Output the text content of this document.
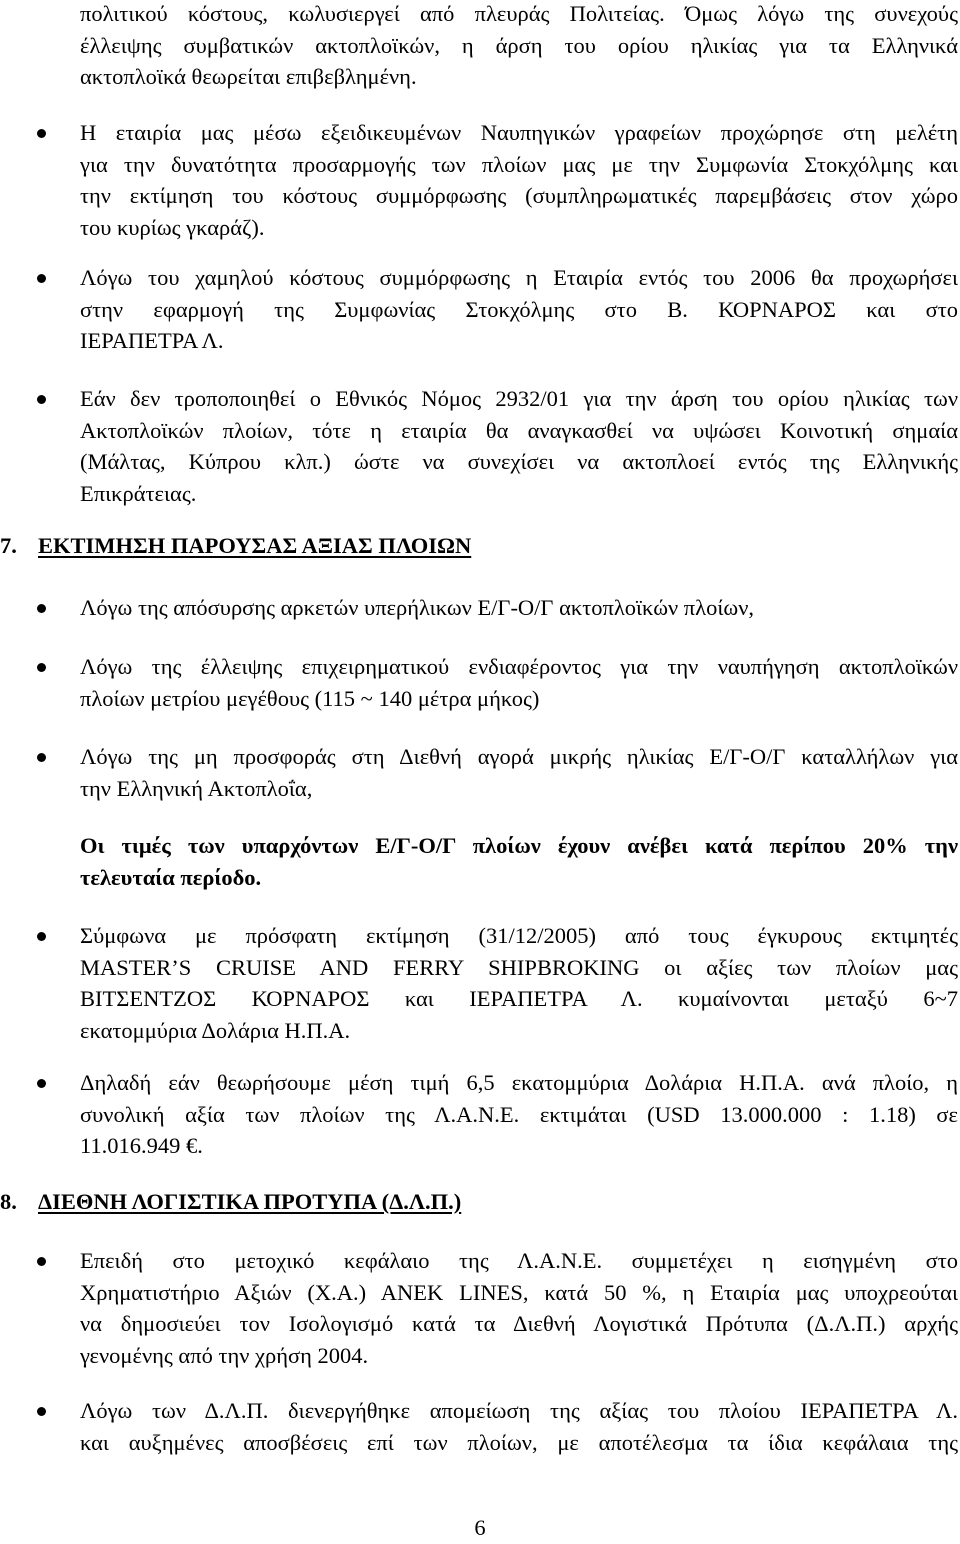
πολιτικού κόστους, κωλυσιεργεί από πλευράς Πολιτείας. Όμως λόγω της συνεχούς
έλλειψης συμβατικών ακτοπλοϊκών, η άρση του ορίου ηλικίας για τα Ελληνικά
ακτοπλοϊκά θεωρείται επιβεβλημένη.
Η εταιρία μας μέσω εξειδικευμένων Ναυπηγικών γραφείων προχώρησε στη μελέτη
για την δυνατότητα προσαρμογής των πλοίων μας με την Συμφωνία Στοκχόλμης και
την εκτίμηση του κόστους συμμόρφωσης (συμπληρωματικές παρεμβάσεις στον χώρο
του κυρίως γκαράζ).
Λόγω του χαμηλού κόστους συμμόρφωσης η Εταιρία εντός του 2006 θα προχωρήσει
στην εφαρμογή της Συμφωνίας Στοκχόλμης στο Β. ΚΟΡΝΑΡΟΣ και στο
ΙΕΡΑΠΕΤΡΑ Λ.
Εάν δεν τροποποιηθεί ο Εθνικός Νόμος 2932/01 για την άρση του ορίου ηλικίας των
Ακτοπλοϊκών πλοίων, τότε η εταιρία θα αναγκασθεί να υψώσει Κοινοτική σημαία
(Μάλτας, Κύπρου κλπ.) ώστε να συνεχίσει να ακτοπλοεί εντός της Ελληνικής
Επικράτειας.
7. ΕΚΤΙΜΗΣΗ ΠΑΡΟΥΣΑΣ ΑΞΙΑΣ ΠΛΟΙΩΝ
Λόγω της απόσυρσης αρκετών υπερήλικων Ε/Γ-Ο/Γ ακτοπλοϊκών πλοίων,
Λόγω της έλλειψης επιχειρηματικού ενδιαφέροντος για την ναυπήγηση ακτοπλοϊκών
πλοίων μετρίου μεγέθους (115 ~ 140 μέτρα μήκος)
Λόγω της μη προσφοράς στη Διεθνή αγορά μικρής ηλικίας Ε/Γ-Ο/Γ καταλλήλων για
την Ελληνική Ακτοπλοΐα,
Οι τιμές των υπαρχόντων Ε/Γ-Ο/Γ πλοίων έχουν ανέβει κατά περίπου 20% την
τελευταία περίοδο.
Σύμφωνα με πρόσφατη εκτίμηση (31/12/2005) από τους έγκυρους εκτιμητές
MASTER’S CRUISE AND FERRY SHIPBROKING οι αξίες των πλοίων μας
ΒΙΤΣΕΝΤΖΟΣ ΚΟΡΝΑΡΟΣ και ΙΕΡΑΠΕΤΡΑ Λ. κυμαίνονται μεταξύ 6~7
εκατομμύρια Δολάρια Η.Π.Α.
Δηλαδή εάν θεωρήσουμε μέση τιμή 6,5 εκατομμύρια Δολάρια Η.Π.Α. ανά πλοίο, η
συνολική αξία των πλοίων της Λ.Α.Ν.Ε. εκτιμάται (USD 13.000.000 : 1.18) σε
11.016.949 €.
8. ΔΙΕΘΝΗ ΛΟΓΙΣΤΙΚΑ ΠΡΟΤΥΠΑ (Δ.Λ.Π.)
Επειδή στο μετοχικό κεφάλαιο της Λ.Α.Ν.Ε. συμμετέχει η εισηγμένη στο
Χρηματιστήριο Αξιών (Χ.Α.) ΑΝΕΚ LINES, κατά 50 %, η Εταιρία μας υποχρεούται
να δημοσιεύει τον Ισολογισμό κατά τα Διεθνή Λογιστικά Πρότυπα (Δ.Λ.Π.) αρχής
γενομένης από την χρήση 2004.
Λόγω των Δ.Λ.Π. διενεργήθηκε απομείωση της αξίας του πλοίου ΙΕΡΑΠΕΤΡΑ Λ.
και αυξημένες αποσβέσεις επί των πλοίων, με αποτέλεσμα τα ίδια κεφάλαια της
6
